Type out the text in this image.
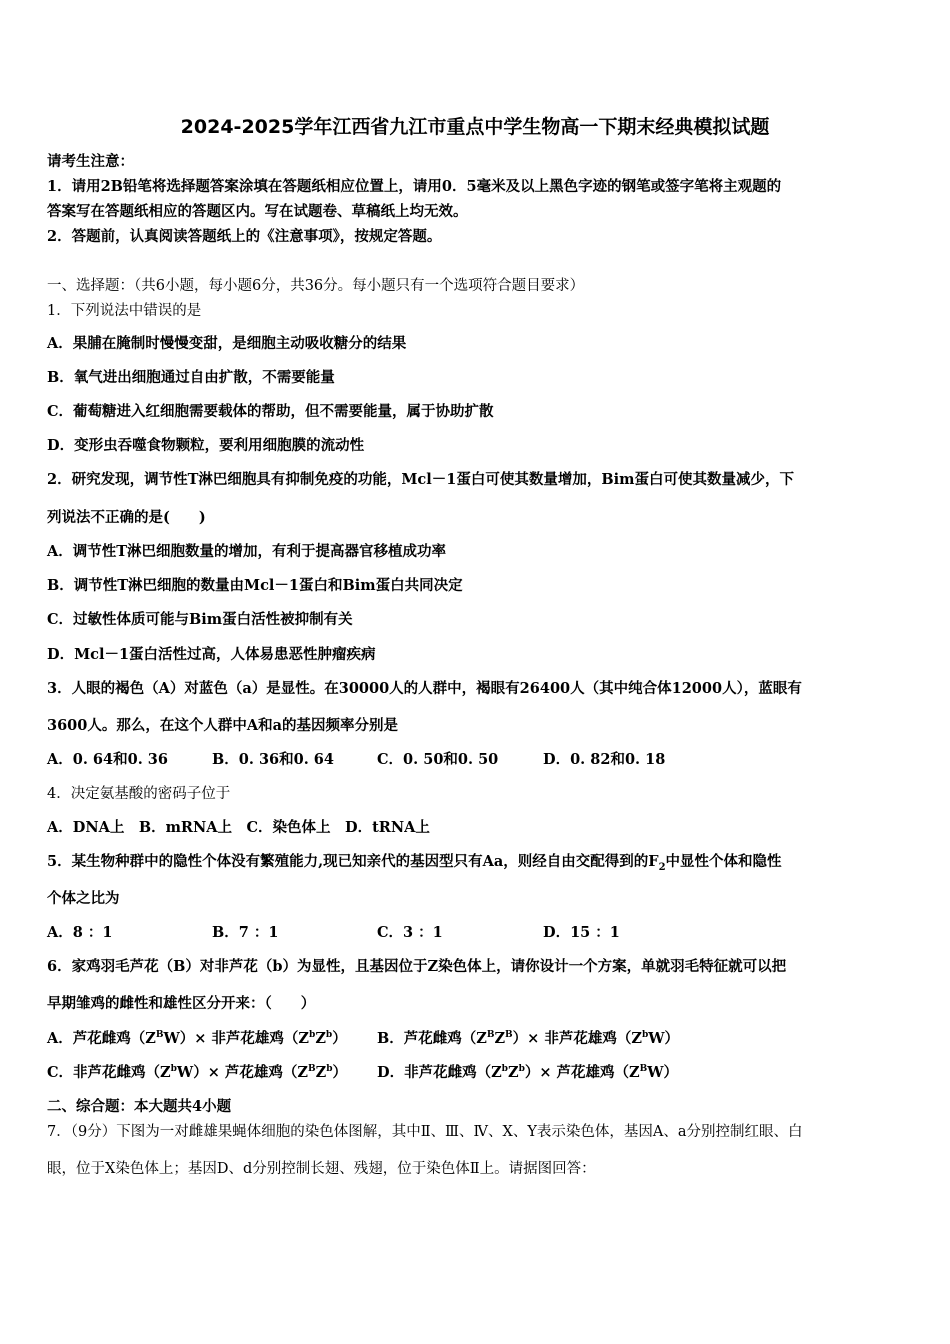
2024-2025学年江西省九江市重点中学生物高一下期末经典模拟试题
请考生注意：
1．请用2B铅笔将选择题答案涂填在答题纸相应位置上，请用0．5毫米及以上黑色字迹的钢笔或签字笔将主观题的
答案写在答题纸相应的答题区内。写在试题卷、草稿纸上均无效。
2．答题前，认真阅读答题纸上的《注意事项》，按规定答题。
一、选择题：（共6小题，每小题6分，共36分。每小题只有一个选项符合题目要求）
1．下列说法中错误的是
A．果脯在腌制时慢慢变甜，是细胞主动吸收糖分的结果
B．氧气进出细胞通过自由扩散，不需要能量
C．葡萄糖进入红细胞需要载体的帮助，但不需要能量，属于协助扩散
D．变形虫吞噬食物颗粒，要利用细胞膜的流动性
2．研究发现，调节性T淋巴细胞具有抑制免疫的功能，Mcl－1蛋白可使其数量增加，Bim蛋白可使其数量减少，下
列说法不正确的是(　　)
A．调节性T淋巴细胞数量的增加，有利于提高器官移植成功率
B．调节性T淋巴细胞的数量由Mcl－1蛋白和Bim蛋白共同决定
C．过敏性体质可能与Bim蛋白活性被抑制有关
D．Mcl－1蛋白活性过高，人体易患恶性肿瘤疾病
3．人眼的褐色（A）对蓝色（a）是显性。在30000人的人群中，褐眼有26400人（其中纯合体12000人），蓝眼有
3600人。那么，在这个人群中A和a的基因频率分别是
A．0. 64和0. 36	B．0. 36和0. 64	C．0. 50和0. 50	D．0. 82和0. 18
4．决定氨基酸的密码子位于
A．DNA上　B．mRNA上　C．染色体上　D．tRNA上
5．某生物种群中的隐性个体没有繁殖能力,现已知亲代的基因型只有Aa，则经自由交配得到的$F_2$中显性个体和隐性
个体之比为
A．8 ：1	B．7 ：1	C．3 ：1	D．15 ：1
6．家鸡羽毛芦花（B）对非芦花（b）为显性，且基因位于Z染色体上，请你设计一个方案，单就羽毛特征就可以把
早期雏鸡的雌性和雄性区分开来：（　　）
A．芦花雌鸡$(Z^BW)\times$ 非芦花雄鸡$(Z^bZ^b)$ B．芦花雌鸡$(Z^BZ^B)\times$ 非芦花雄鸡$(Z^bW)$
C．非芦花雌鸡$(Z^bW)\times$ 芦花雄鸡$(Z^BZ^b)$ D．非芦花雌鸡$(Z^bZ^b)\times$ 芦花雄鸡$(Z^BW)$
二、综合题：本大题共4小题
7．（9分）下图为一对雌雄果蝇体细胞的染色体图解，其中Ⅱ、Ⅲ、Ⅳ、X、Y表示染色体，基因A、a分别控制红眼、白
眼，位于X染色体上；基因D、d分别控制长翅、残翅，位于染色体Ⅱ上。请据图回答：
